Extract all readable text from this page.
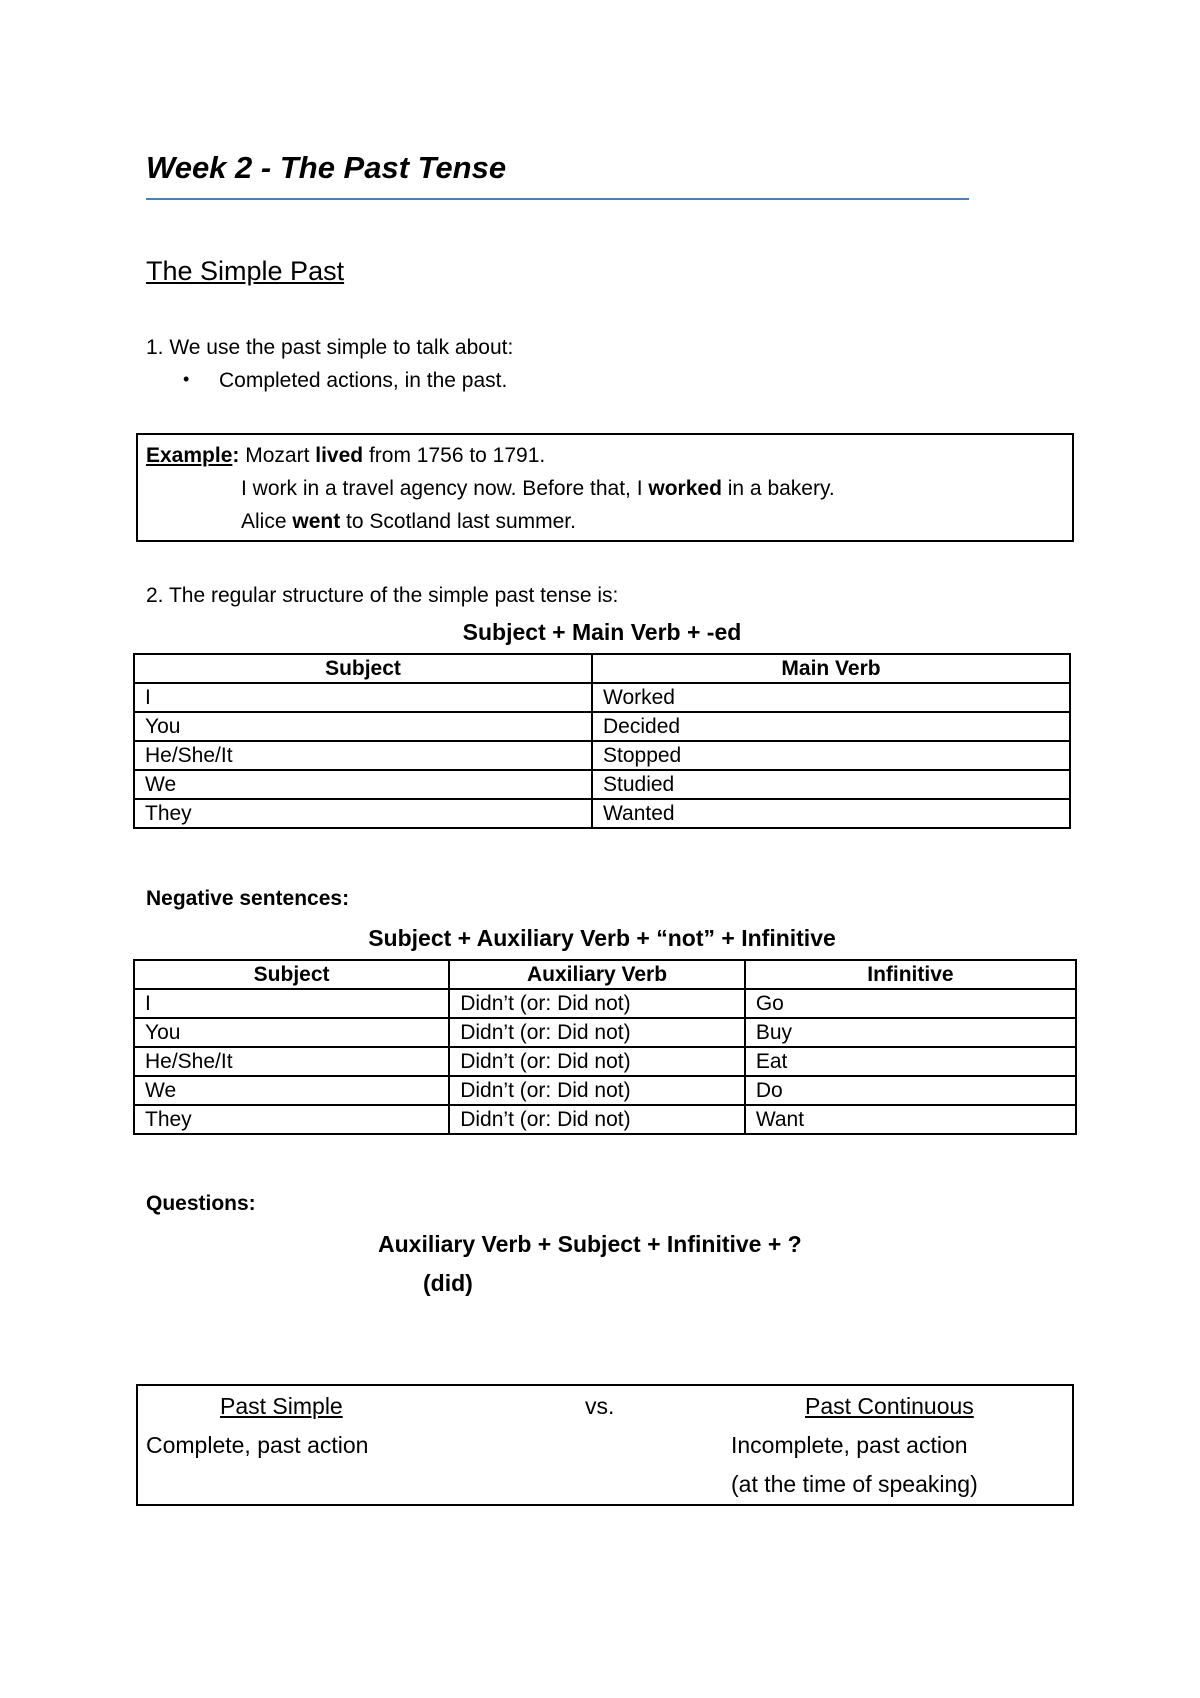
Week 2 - The Past Tense
The Simple Past
1. We use the past simple to talk about:
• Completed actions, in the past.
Example: Mozart lived from 1756 to 1791.
I work in a travel agency now. Before that, I worked in a bakery.
Alice went to Scotland last summer.
2. The regular structure of the simple past tense is:
Subject + Main Verb + -ed
Subject	Main Verb
I	Worked
You	Decided
He/She/It	Stopped
We	Studied
They	Wanted
Negative sentences:
Subject + Auxiliary Verb + “not” + Infinitive
Subject	Auxiliary Verb	Infinitive
I	Didn’t (or: Did not)	Go
You	Didn’t (or: Did not)	Buy
He/She/It	Didn’t (or: Did not)	Eat
We	Didn’t (or: Did not)	Do
They	Didn’t (or: Did not)	Want
Questions:
Auxiliary Verb + Subject + Infinitive + ?
(did)
Past Simple	vs.	Past Continuous
Complete, past action	Incomplete, past action
(at the time of speaking)
